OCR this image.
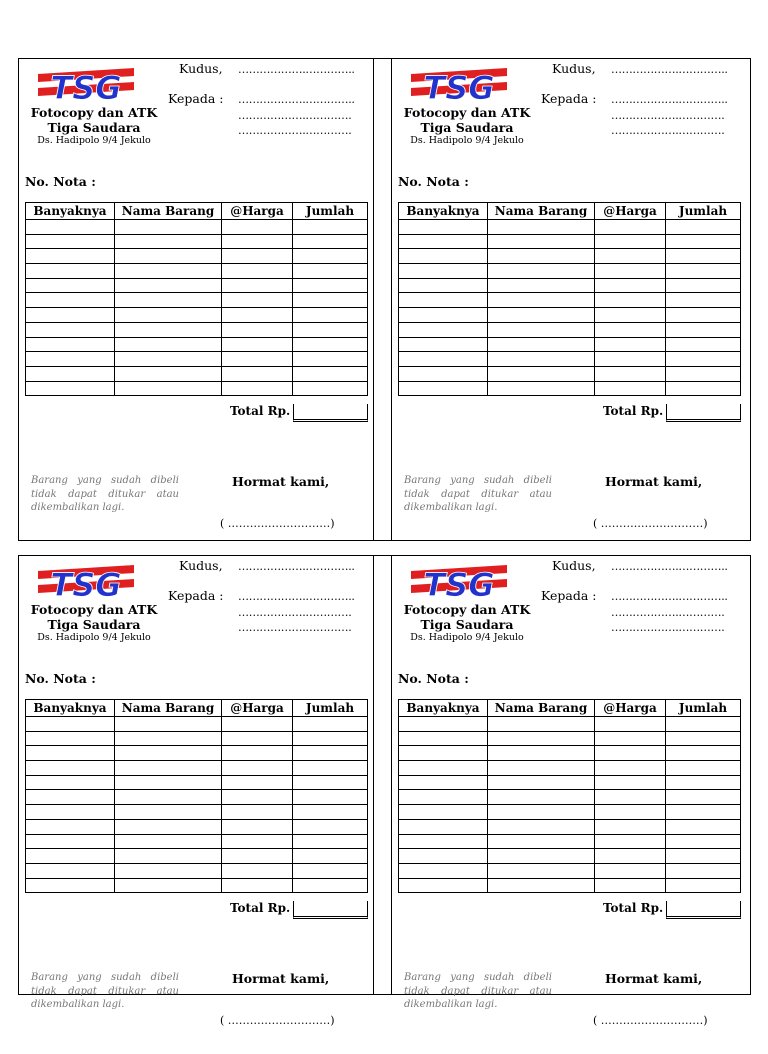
TSG
Fotocopy dan ATK
Tiga Saudara
Ds. Hadipolo 9/4 Jekulo
Kudus, ……………….…………..
Kepada : ……………….…………..
……………….………….
……………….………….
No. Nota :
Banyaknya	Nama Barang	@Harga	Jumlah

Total Rp.
Barang yang sudah dibeli tidak dapat ditukar atau dikembalikan lagi.
Hormat kami,
( ……….………………)
TSG
Fotocopy dan ATK
Tiga Saudara
Ds. Hadipolo 9/4 Jekulo
Kudus, ……………….…………..
Kepada : ……………….…………..
……………….………….
……………….………….
No. Nota :
Banyaknya	Nama Barang	@Harga	Jumlah

Total Rp.
Barang yang sudah dibeli tidak dapat ditukar atau dikembalikan lagi.
Hormat kami,
( ……….………………)
TSG
Fotocopy dan ATK
Tiga Saudara
Ds. Hadipolo 9/4 Jekulo
Kudus, ……………….…………..
Kepada : ……………….…………..
……………….………….
……………….………….
No. Nota :
Banyaknya	Nama Barang	@Harga	Jumlah

Total Rp.
Barang yang sudah dibeli tidak dapat ditukar atau dikembalikan lagi.
Hormat kami,
( ……….………………)
TSG
Fotocopy dan ATK
Tiga Saudara
Ds. Hadipolo 9/4 Jekulo
Kudus, ……………….…………..
Kepada : ……………….…………..
……………….………….
……………….………….
No. Nota :
Banyaknya	Nama Barang	@Harga	Jumlah

Total Rp.
Barang yang sudah dibeli tidak dapat ditukar atau dikembalikan lagi.
Hormat kami,
( ……….………………)
